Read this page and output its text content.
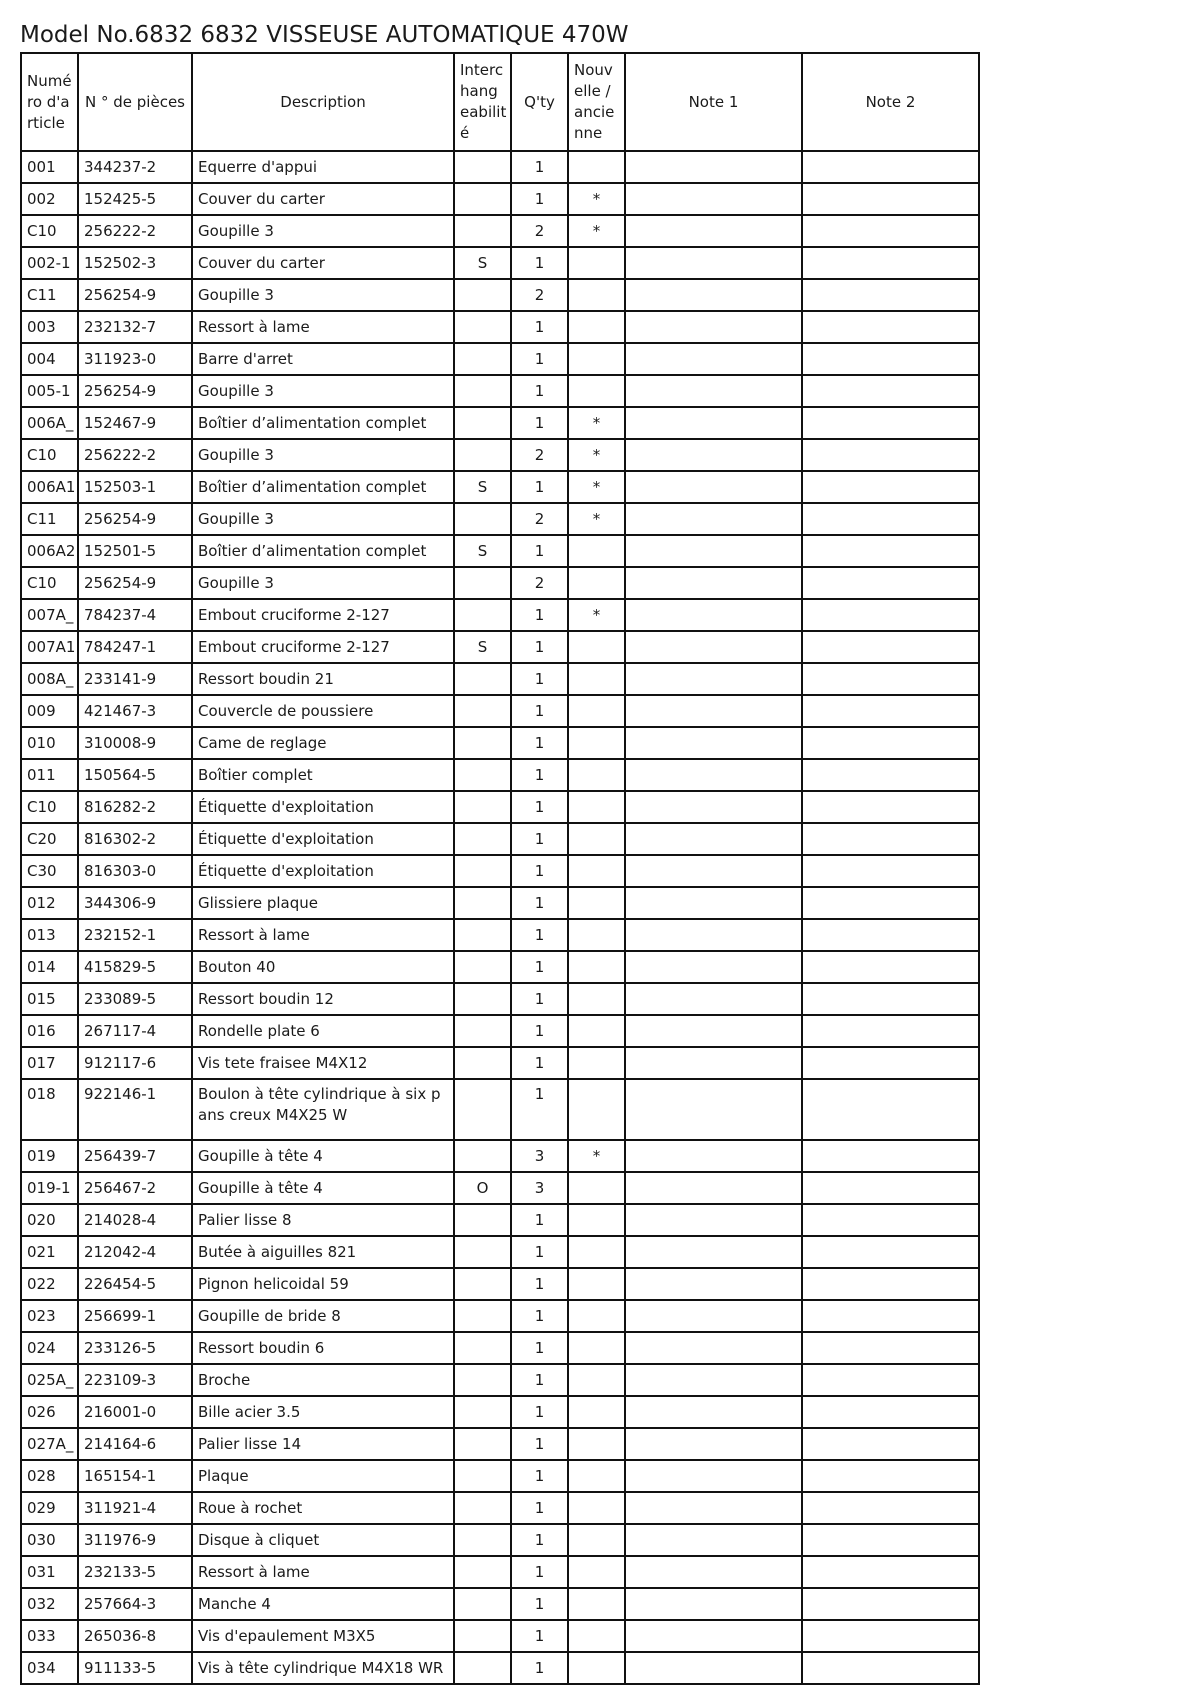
Model No.6832 6832 VISSEUSE AUTOMATIQUE 470W
Numé ro d'a rticle	N ° de pièces	Description	Interc hang eabilit é	Q'ty	Nouv elle / ancie nne	Note 1	Note 2
001	344237-2	Equerre d'appui		1			
002	152425-5	Couver du carter		1	*		
C10	256222-2	Goupille 3		2	*		
002-1	152502-3	Couver du carter	S	1			
C11	256254-9	Goupille 3		2			
003	232132-7	Ressort à lame		1			
004	311923-0	Barre d'arret		1			
005-1	256254-9	Goupille 3		1			
006A_	152467-9	Boîtier d’alimentation complet		1	*		
C10	256222-2	Goupille 3		2	*		
006A1	152503-1	Boîtier d’alimentation complet	S	1	*		
C11	256254-9	Goupille 3		2	*		
006A2	152501-5	Boîtier d’alimentation complet	S	1			
C10	256254-9	Goupille 3		2			
007A_	784237-4	Embout cruciforme 2-127		1	*		
007A1	784247-1	Embout cruciforme 2-127	S	1			
008A_	233141-9	Ressort boudin 21		1			
009	421467-3	Couvercle de poussiere		1			
010	310008-9	Came de reglage		1			
011	150564-5	Boîtier complet		1			
C10	816282-2	Étiquette d'exploitation		1			
C20	816302-2	Étiquette d'exploitation		1			
C30	816303-0	Étiquette d'exploitation		1			
012	344306-9	Glissiere plaque		1			
013	232152-1	Ressort à lame		1			
014	415829-5	Bouton 40		1			
015	233089-5	Ressort boudin 12		1			
016	267117-4	Rondelle plate 6		1			
017	912117-6	Vis tete fraisee M4X12		1			
018	922146-1	Boulon à tête cylindrique à six pans creux M4X25 W		1			
019	256439-7	Goupille à tête 4		3	*		
019-1	256467-2	Goupille à tête 4	O	3			
020	214028-4	Palier lisse 8		1			
021	212042-4	Butée à aiguilles 821		1			
022	226454-5	Pignon helicoidal 59		1			
023	256699-1	Goupille de bride 8		1			
024	233126-5	Ressort boudin 6		1			
025A_	223109-3	Broche		1			
026	216001-0	Bille acier 3.5		1			
027A_	214164-6	Palier lisse 14		1			
028	165154-1	Plaque		1			
029	311921-4	Roue à rochet		1			
030	311976-9	Disque à cliquet		1			
031	232133-5	Ressort à lame		1			
032	257664-3	Manche 4		1			
033	265036-8	Vis d'epaulement M3X5		1			
034	911133-5	Vis à tête cylindrique M4X18 WR		1			
